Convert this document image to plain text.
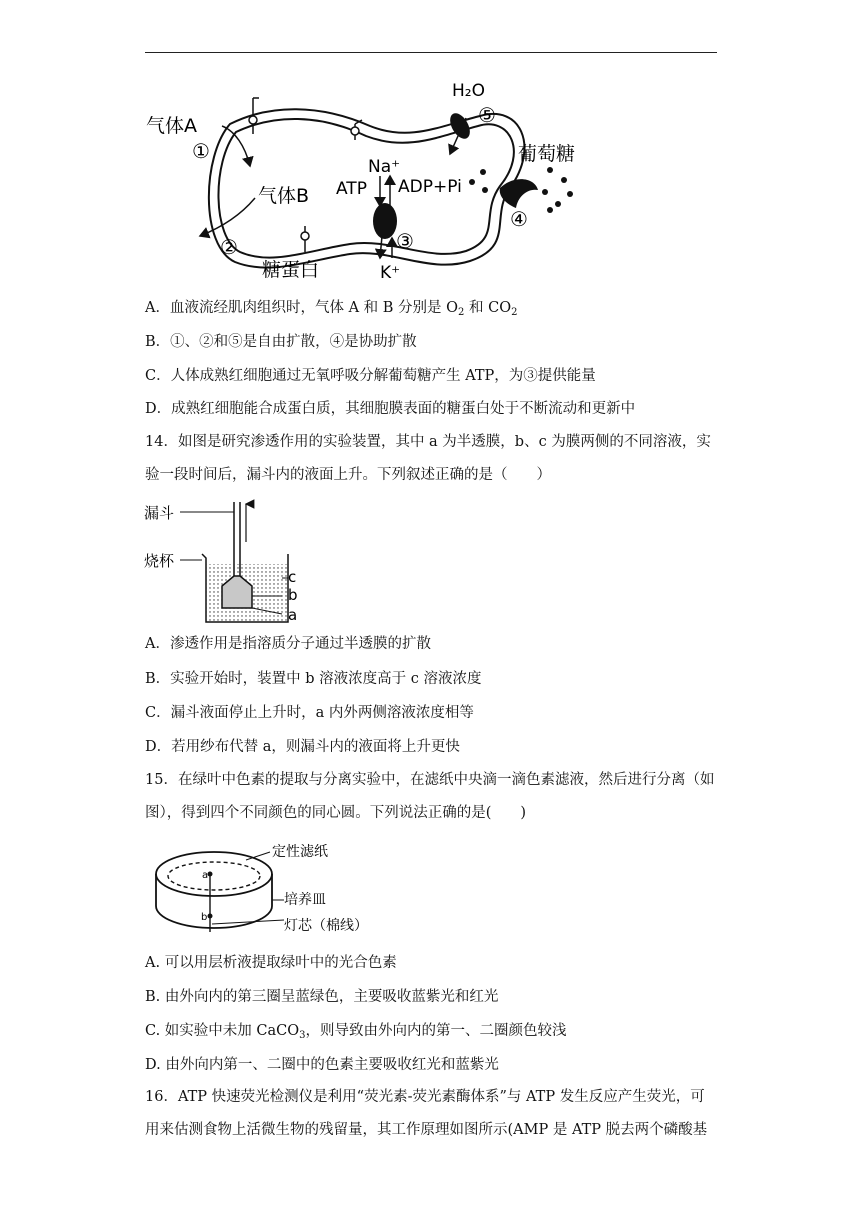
气体A
①
气体B
②
糖蛋白
Na⁺
ATP ADP+Pi
③
K⁺
H₂O
⑤
葡萄糖
④
A．血液流经肌肉组织时，气体 A 和 B 分别是 $O_2$ 和 $CO_2$
B．①、②和⑤是自由扩散，④是协助扩散
C．人体成熟红细胞通过无氧呼吸分解葡萄糖产生 ATP，为③提供能量
D．成熟红细胞能合成蛋白质，其细胞膜表面的糖蛋白处于不断流动和更新中
14．如图是研究渗透作用的实验装置，其中 a 为半透膜，b、c 为膜两侧的不同溶液，实验一段时间后，漏斗内的液面上升。下列叙述正确的是（　　）
漏斗
烧杯
c
b
a
A．渗透作用是指溶质分子通过半透膜的扩散
B．实验开始时，装置中 b 溶液浓度高于 c 溶液浓度
C．漏斗液面停止上升时，a 内外两侧溶液浓度相等
D．若用纱布代替 a，则漏斗内的液面将上升更快
15．在绿叶中色素的提取与分离实验中，在滤纸中央滴一滴色素滤液，然后进行分离（如图），得到四个不同颜色的同心圆。下列说法正确的是(　　)
a
b
定性滤纸
培养皿
灯芯（棉线）
A. 可以用层析液提取绿叶中的光合色素
B. 由外向内的第三圈呈蓝绿色，主要吸收蓝紫光和红光
C. 如实验中未加 CaCO$_3$，则导致由外向内的第一、二圈颜色较浅
D. 由外向内第一、二圈中的色素主要吸收红光和蓝紫光
16．ATP 快速荧光检测仪是利用“荧光素-荧光素酶体系”与 ATP 发生反应产生荧光，可用来估测食物上活微生物的残留量，其工作原理如图所示(AMP 是 ATP 脱去两个磷酸基
